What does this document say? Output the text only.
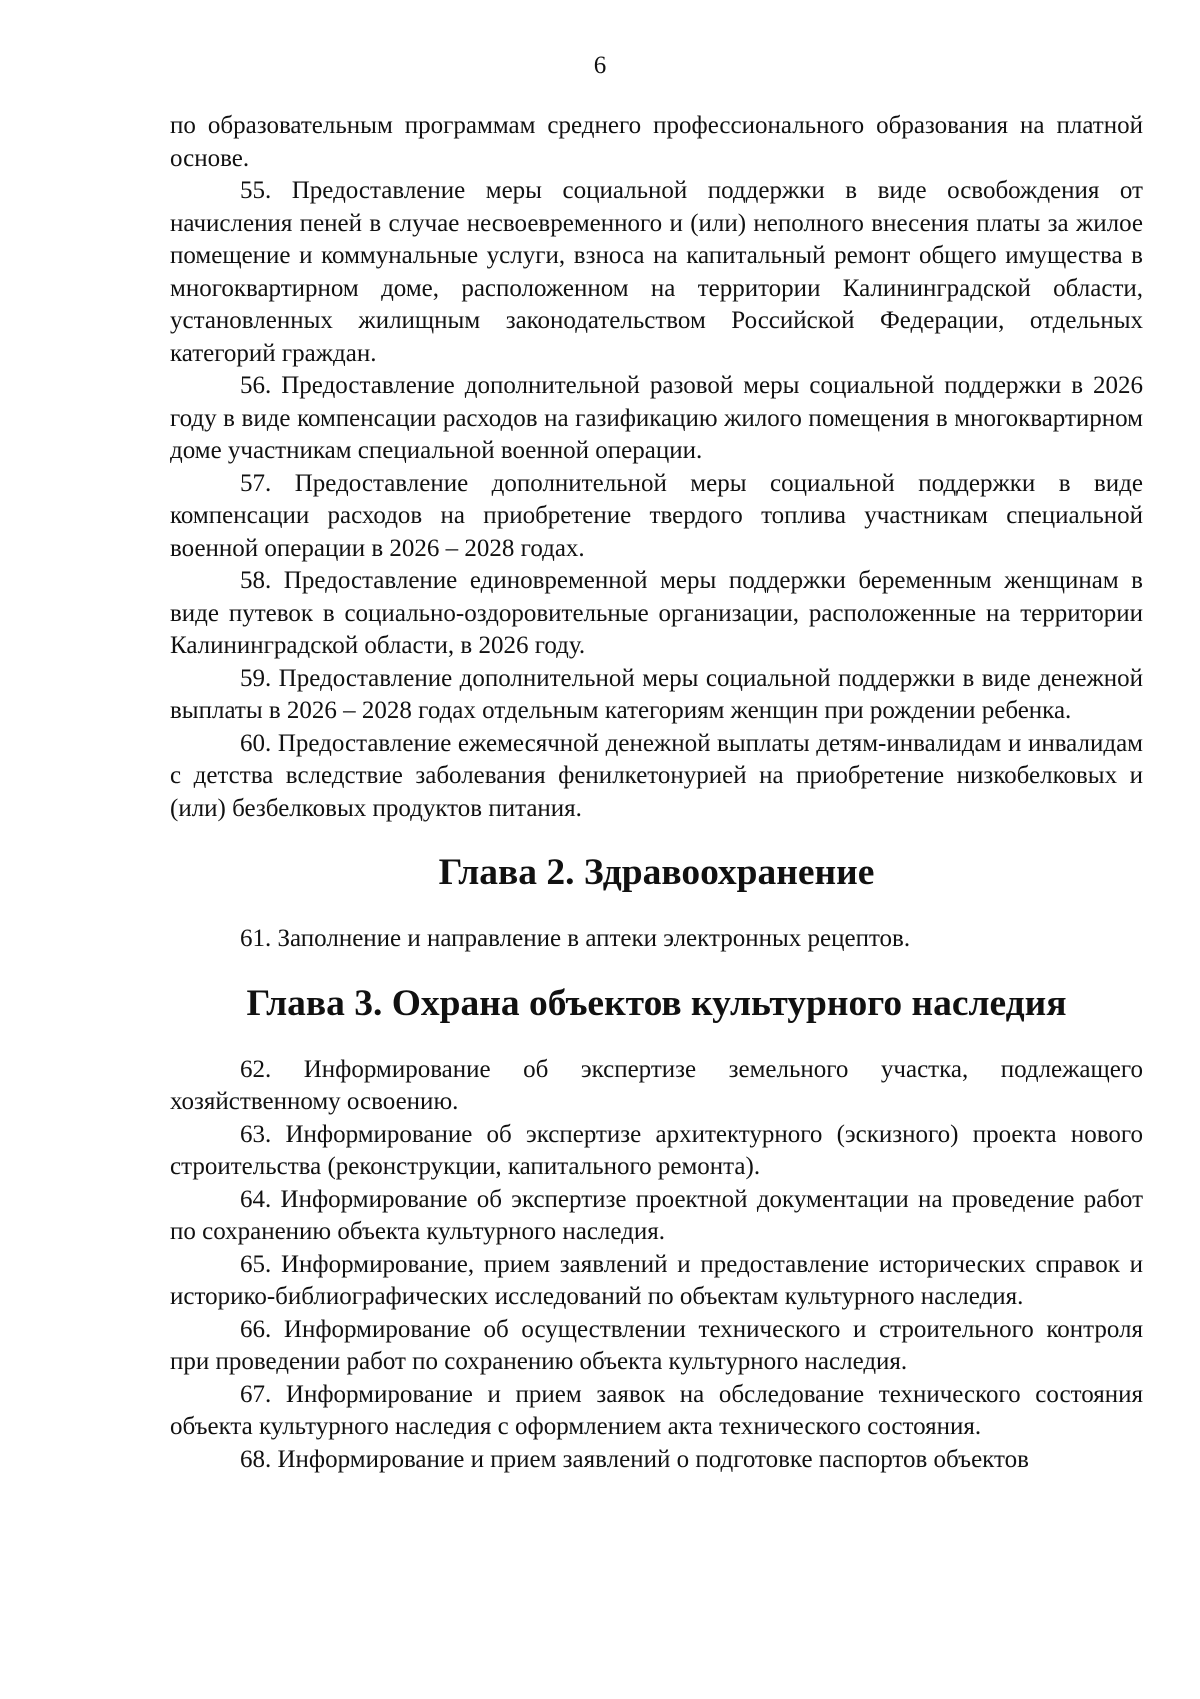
6

по образовательным программам среднего профессионального образования на платной основе.

55. Предоставление меры социальной поддержки в виде освобождения от начисления пеней в случае несвоевременного и (или) неполного внесения платы за жилое помещение и коммунальные услуги, взноса на капитальный ремонт общего имущества в многоквартирном доме, расположенном на территории Калининградской области, установленных жилищным законодательством Российской Федерации, отдельных категорий граждан.

56. Предоставление дополнительной разовой меры социальной поддержки в 2026 году в виде компенсации расходов на газификацию жилого помещения в многоквартирном доме участникам специальной военной операции.

57. Предоставление дополнительной меры социальной поддержки в виде компенсации расходов на приобретение твердого топлива участникам специальной военной операции в 2026 – 2028 годах.

58. Предоставление единовременной меры поддержки беременным женщинам в виде путевок в социально-оздоровительные организации, расположенные на территории Калининградской области, в 2026 году.

59. Предоставление дополнительной меры социальной поддержки в виде денежной выплаты в 2026 – 2028 годах отдельным категориям женщин при рождении ребенка.

60. Предоставление ежемесячной денежной выплаты детям-инвалидам и инвалидам с детства вследствие заболевания фенилкетонурией на приобретение низкобелковых и (или) безбелковых продуктов питания.

Глава 2. Здравоохранение

61. Заполнение и направление в аптеки электронных рецептов.

Глава 3. Охрана объектов культурного наследия

62. Информирование об экспертизе земельного участка, подлежащего хозяйственному освоению.

63. Информирование об экспертизе архитектурного (эскизного) проекта нового строительства (реконструкции, капитального ремонта).

64. Информирование об экспертизе проектной документации на проведение работ по сохранению объекта культурного наследия.

65. Информирование, прием заявлений и предоставление исторических справок и историко-библиографических исследований по объектам культурного наследия.

66. Информирование об осуществлении технического и строительного контроля при проведении работ по сохранению объекта культурного наследия.

67. Информирование и прием заявок на обследование технического состояния объекта культурного наследия с оформлением акта технического состояния.

68. Информирование и прием заявлений о подготовке паспортов объектов
